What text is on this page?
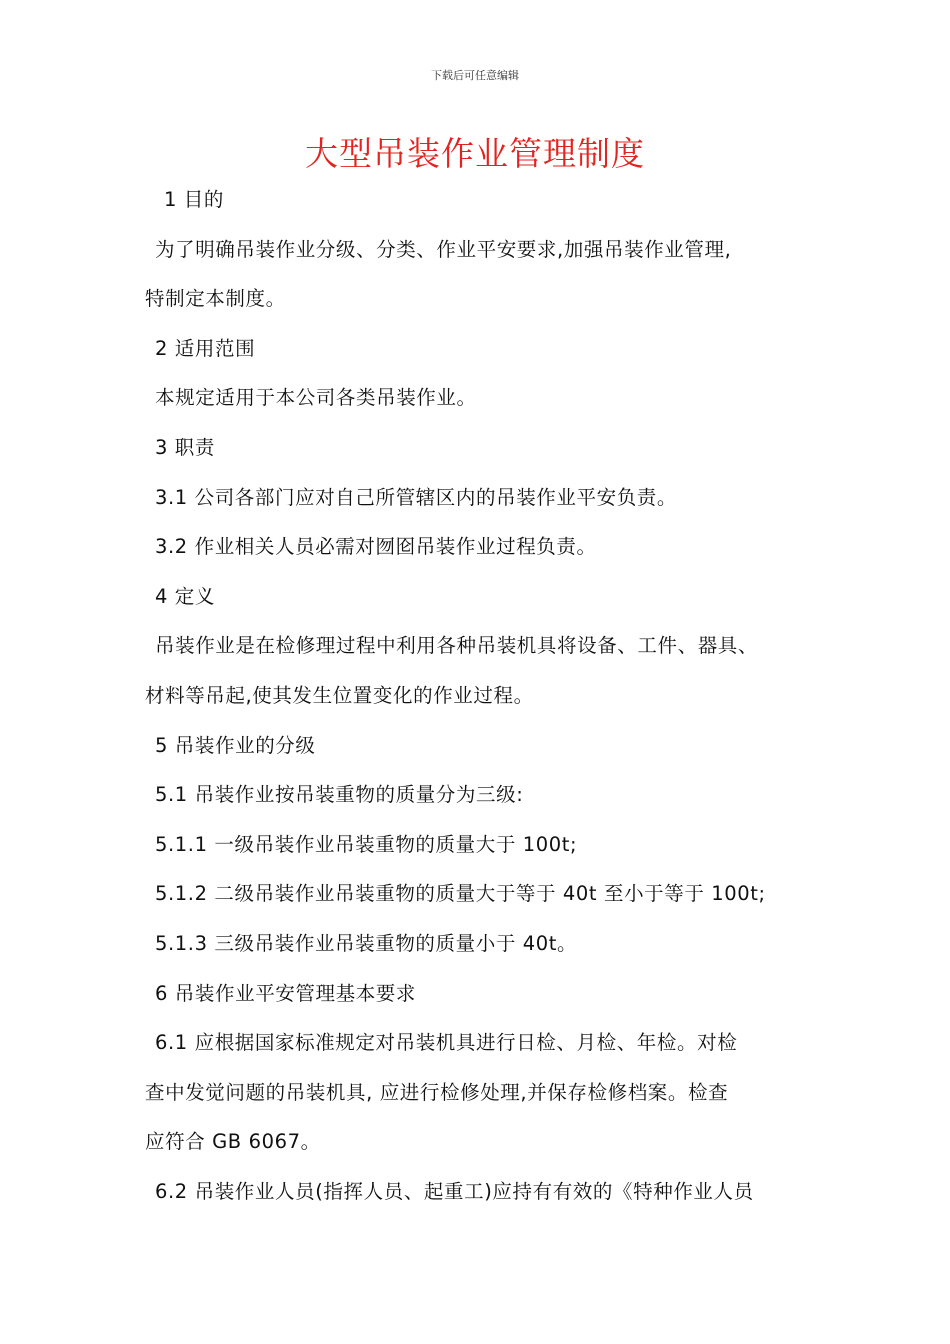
下载后可任意编辑
大型吊装作业管理制度
1 目的
为了明确吊装作业分级、分类、作业平安要求,加强吊装作业管理,
特制定本制度。
2 适用范围
本规定适用于本公司各类吊装作业。
3 职责
3.1 公司各部门应对自己所管辖区内的吊装作业平安负责。
3.2 作业相关人员必需对囫囵吊装作业过程负责。
4 定义
吊装作业是在检修理过程中利用各种吊装机具将设备、工件、器具、
材料等吊起,使其发生位置变化的作业过程。
5 吊装作业的分级
5.1 吊装作业按吊装重物的质量分为三级:
5.1.1 一级吊装作业吊装重物的质量大于 100t;
5.1.2 二级吊装作业吊装重物的质量大于等于 40t 至小于等于 100t;
5.1.3 三级吊装作业吊装重物的质量小于 40t。
6 吊装作业平安管理基本要求
6.1 应根据国家标准规定对吊装机具进行日检、月检、年检。对检
查中发觉问题的吊装机具, 应进行检修处理,并保存检修档案。检查
应符合 GB 6067。
6.2 吊装作业人员(指挥人员、起重工)应持有有效的《特种作业人员
